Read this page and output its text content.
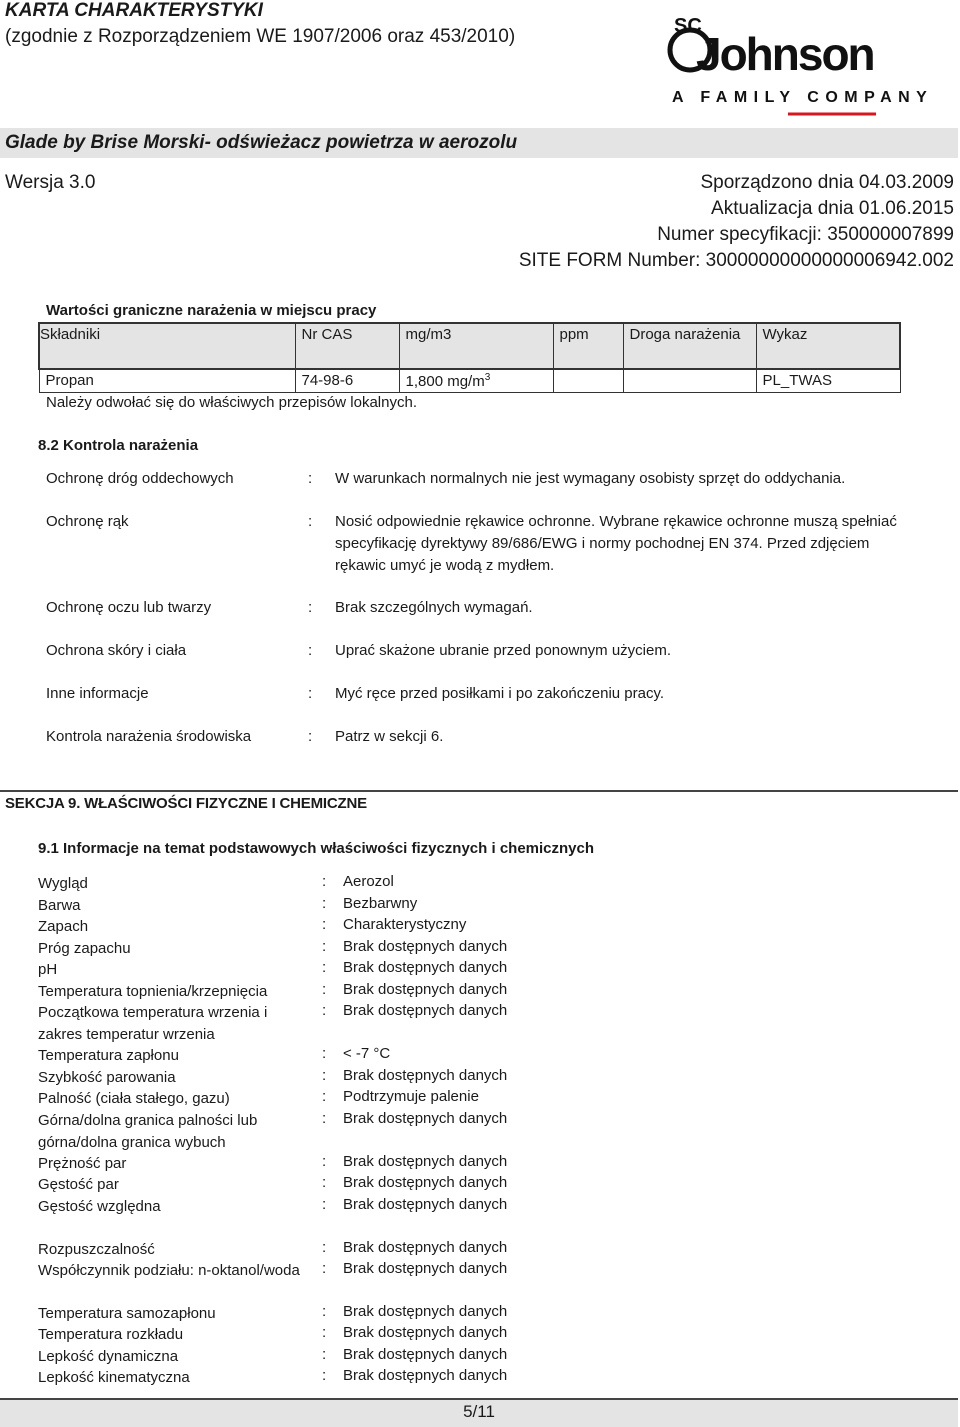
KARTA CHARAKTERYSTYKI
(zgodnie z Rozporządzeniem WE 1907/2006 oraz 453/2010)	SC
Johnson
A FAMILY COMPANY
Glade by Brise Morski- odświeżacz powietrza w aerozolu
Wersja 3.0	Sporządzono dnia 04.03.2009
Aktualizacja dnia 01.06.2015
Numer specyfikacji: 350000007899
SITE FORM Number: 30000000000000006942.002
Wartości graniczne narażenia w miejscu pracy
Składniki	Nr CAS	mg/m3	ppm	Droga narażenia	Wykaz
Propan	74-98-6	1,800 $mg/m^3$			PL_TWAS
Należy odwołać się do właściwych przepisów lokalnych.
8.2 Kontrola narażenia
Ochronę dróg oddechowych	: W warunkach normalnych nie jest wymagany osobisty sprzęt do oddychania.
Ochronę rąk	: Nosić odpowiednie rękawice ochronne. Wybrane rękawice ochronne muszą spełniać specyfikację dyrektywy 89/686/EWG i normy pochodnej EN 374. Przed zdjęciem rękawic umyć je wodą z mydłem.
Ochronę oczu lub twarzy	: Brak szczególnych wymagań.
Ochrona skóry i ciała	: Uprać skażone ubranie przed ponownym użyciem.
Inne informacje	: Myć ręce przed posiłkami i po zakończeniu pracy.
Kontrola narażenia środowiska	: Patrz w sekcji 6.
SEKCJA 9. WŁAŚCIWOŚCI FIZYCZNE I CHEMICZNE
9.1 Informacje na temat podstawowych właściwości fizycznych i chemicznych
Wygląd	: Aerozol
Barwa	: Bezbarwny
Zapach	: Charakterystyczny
Próg zapachu	: Brak dostępnych danych
pH	: Brak dostępnych danych
Temperatura topnienia/krzepnięcia	: Brak dostępnych danych
Początkowa temperatura wrzenia i zakres temperatur wrzenia
: Brak dostępnych danych
Temperatura zapłonu	: < -7 °C
Szybkość parowania	: Brak dostępnych danych
Palność (ciała stałego, gazu)	: Podtrzymuje palenie
Górna/dolna granica palności lub górna/dolna granica wybuch
: Brak dostępnych danych
Prężność par	: Brak dostępnych danych
Gęstość par	: Brak dostępnych danych
Gęstość względna	: Brak dostępnych danych
Rozpuszczalność	: Brak dostępnych danych
Współczynnik podziału: n-oktanol/woda	: Brak dostępnych danych
Temperatura samozapłonu	: Brak dostępnych danych
Temperatura rozkładu	: Brak dostępnych danych
Lepkość dynamiczna	: Brak dostępnych danych
Lepkość kinematyczna	: Brak dostępnych danych
5/11
